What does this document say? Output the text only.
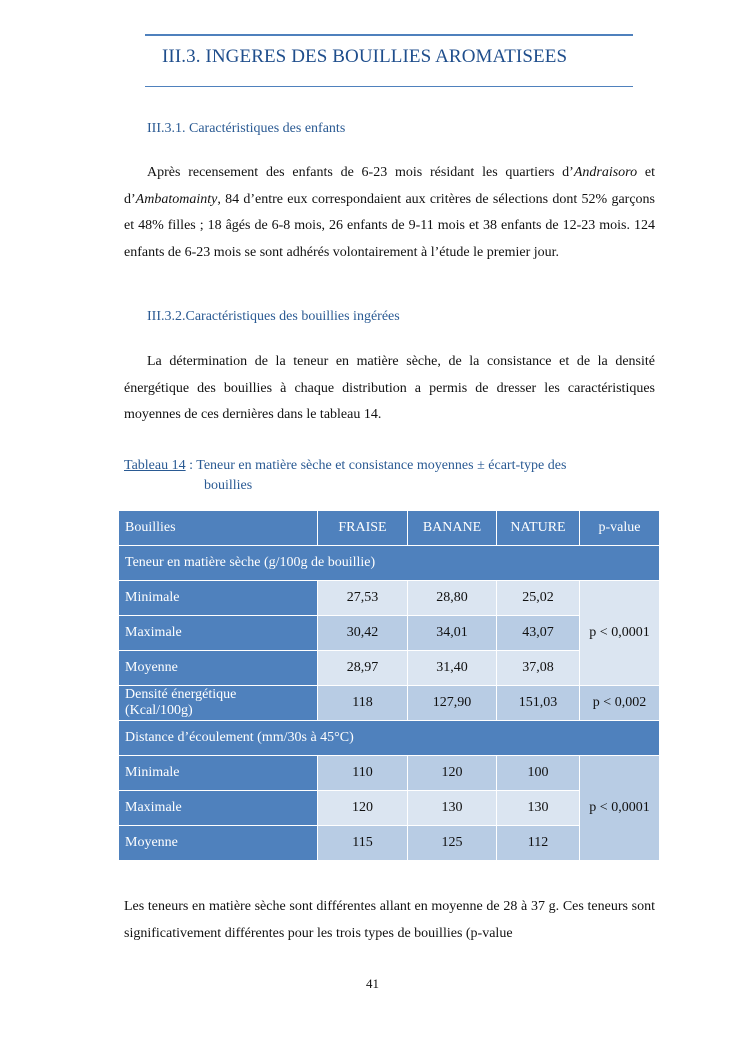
III.3. INGERES DES BOUILLIES AROMATISEES
III.3.1. Caractéristiques des enfants

Après recensement des enfants de 6-23 mois résidant les quartiers d’Andraisoro et d’Ambatomainty, 84 d’entre eux correspondaient aux critères de sélections dont 52% garçons et 48% filles ; 18 âgés de 6-8 mois, 26 enfants de 9-11 mois et 38 enfants de 12-23 mois. 124 enfants de 6-23 mois se sont adhérés volontairement à l’étude le premier jour.

III.3.2.Caractéristiques des bouillies ingérées

La détermination de la teneur en matière sèche, de la consistance et de la densité énergétique des bouillies à chaque distribution a permis de dresser les caractéristiques moyennes de ces dernières dans le tableau 14.

Tableau 14 : Teneur en matière sèche et consistance moyennes ± écart-type des
bouillies
Bouillies	FRAISE	BANANE	NATURE	p-value
Teneur en matière sèche (g/100g de bouillie)				
Minimale	27,53	28,80	25,02	p < 0,0001
Maximale	30,42	34,01	43,07	
Moyenne	28,97	31,40	37,08	
Densité énergétique
(Kcal/100g)	118	127,90	151,03	p < 0,002
Distance d’écoulement (mm/30s à 45°C)				
Minimale	110	120	100	p < 0,0001
Maximale	120	130	130	
Moyenne	115	125	112	

Les teneurs en matière sèche sont différentes allant en moyenne de 28 à 37 g. Ces teneurs sont significativement différentes pour les trois types de bouillies (p-value

41
